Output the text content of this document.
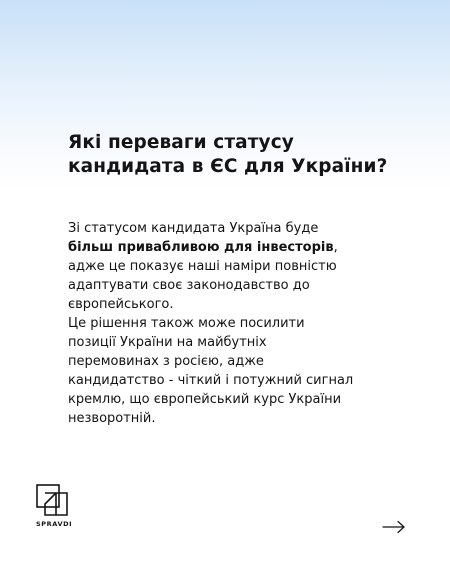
Які переваги статусу
кандидата в ЄС для України?

Зі статусом кандидата Україна буде
більш привабливою для інвесторів,
адже це показує наші наміри повністю
адаптувати своє законодавство до
європейського.

Це рішення також може посилити
позиції України на майбутніх
перемовинах з росією, адже
кандидатство - чіткий і потужний сигнал
кремлю, що європейський курс України
незворотній.

SPRAVDI
